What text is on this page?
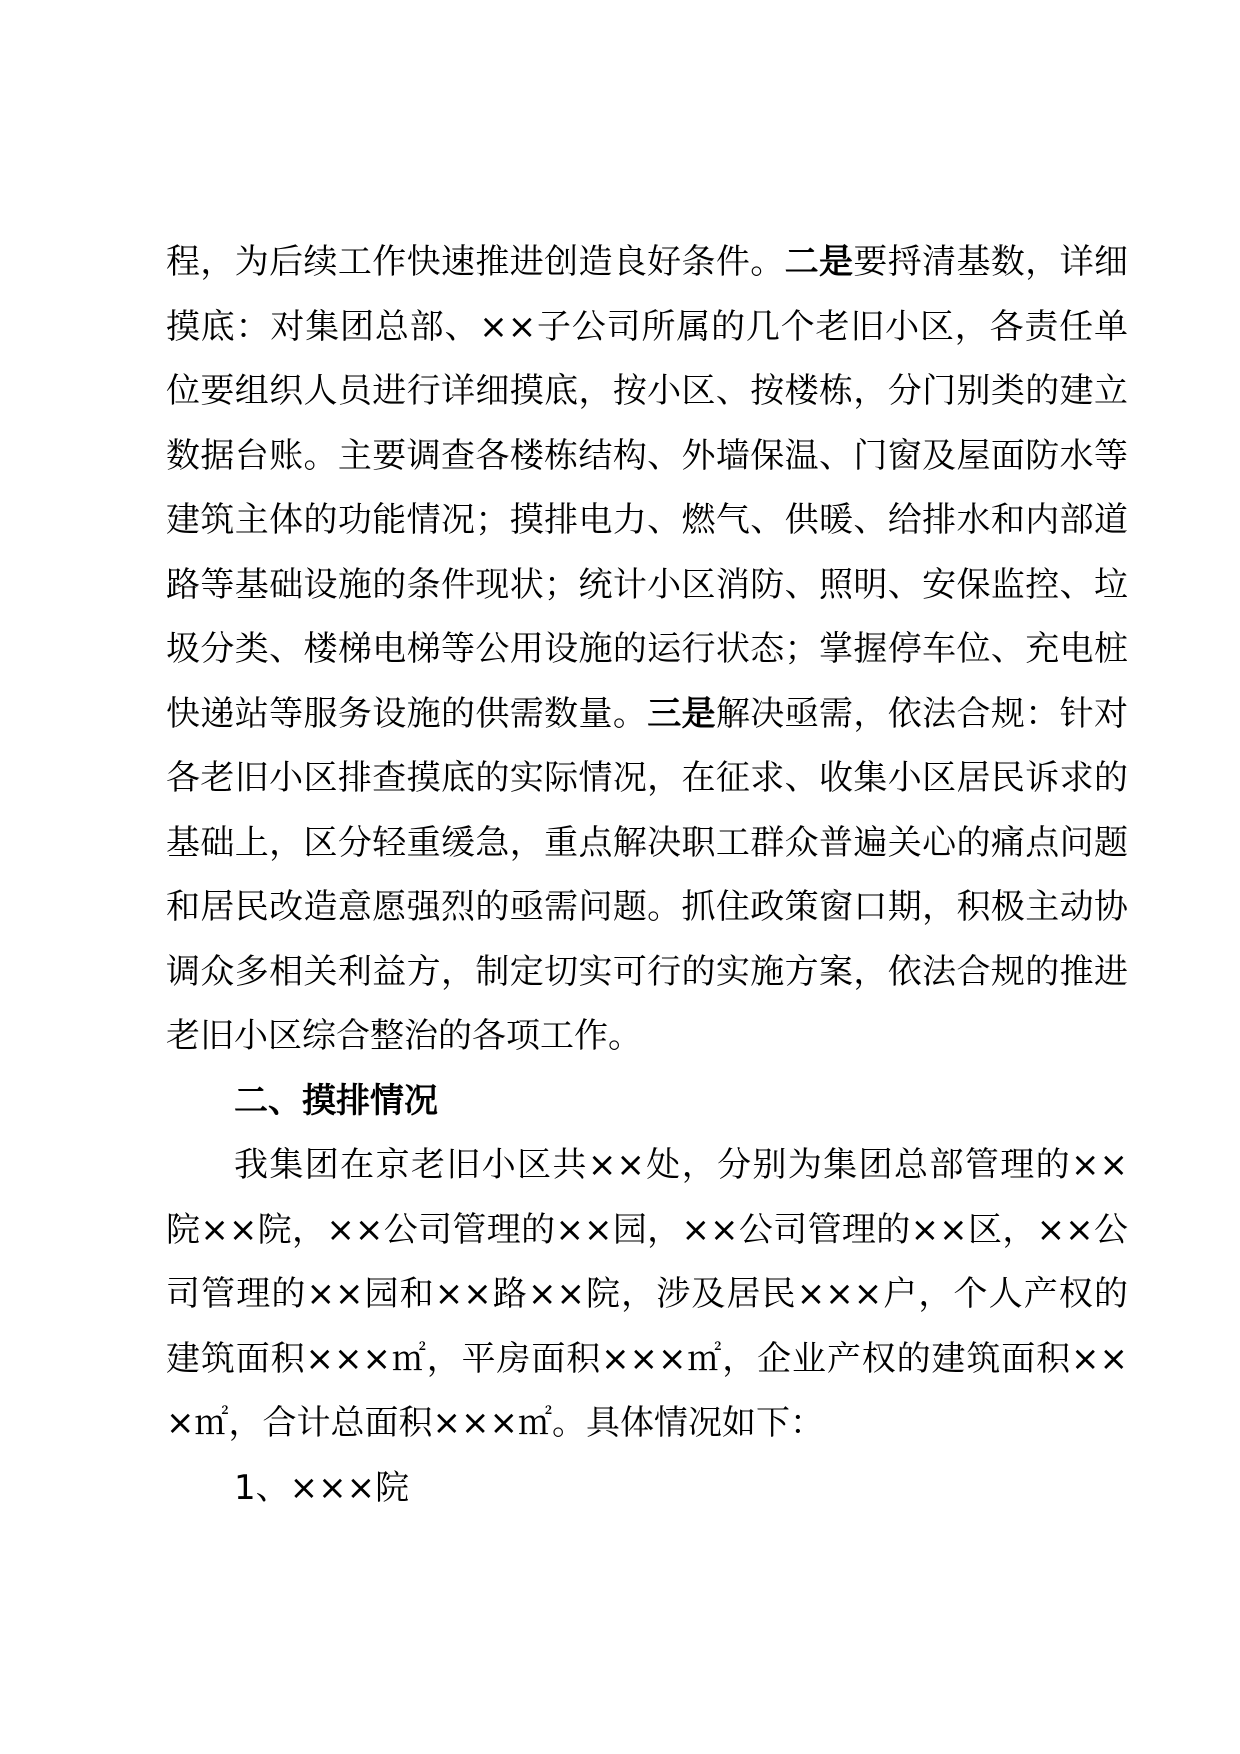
程，为后续工作快速推进创造良好条件。二是要捋清基数，详细摸底：对集团总部、××子公司所属的几个老旧小区，各责任单位要组织人员进行详细摸底，按小区、按楼栋，分门别类的建立数据台账。主要调查各楼栋结构、外墙保温、门窗及屋面防水等建筑主体的功能情况；摸排电力、燃气、供暖、给排水和内部道路等基础设施的条件现状；统计小区消防、照明、安保监控、垃圾分类、楼梯电梯等公用设施的运行状态；掌握停车位、充电桩快递站等服务设施的供需数量。三是解决亟需，依法合规：针对各老旧小区排查摸底的实际情况，在征求、收集小区居民诉求的基础上，区分轻重缓急，重点解决职工群众普遍关心的痛点问题和居民改造意愿强烈的亟需问题。抓住政策窗口期，积极主动协调众多相关利益方，制定切实可行的实施方案，依法合规的推进老旧小区综合整治的各项工作。

二、摸排情况

我集团在京老旧小区共××处，分别为集团总部管理的××院××院，××公司管理的××园，××公司管理的××区，××公司管理的××园和××路××院，涉及居民×××户，个人产权的建筑面积×××㎡，平房面积×××㎡，企业产权的建筑面积×××㎡，合计总面积×××㎡。具体情况如下：

1、×××院
